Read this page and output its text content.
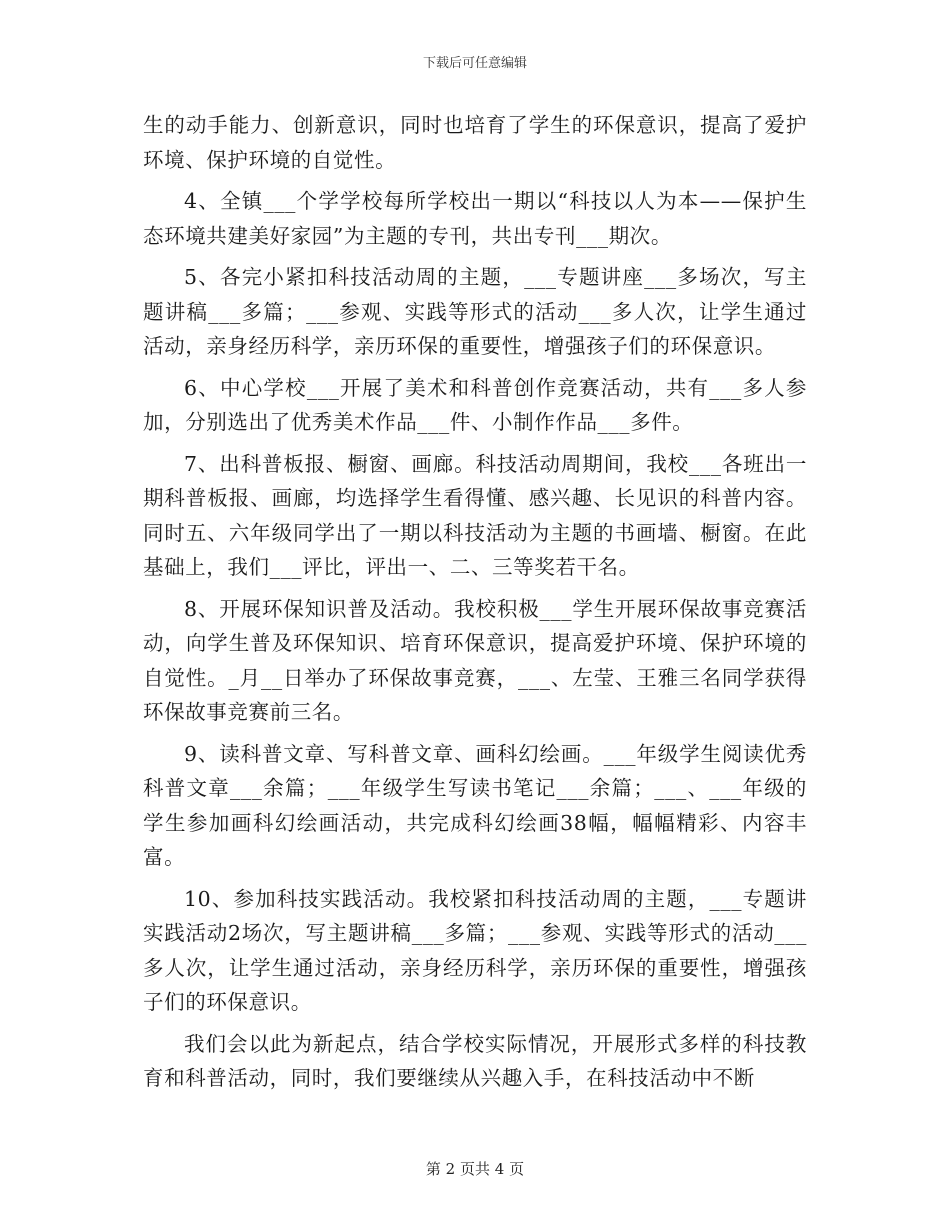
下载后可任意编辑

生的动手能力、创新意识，同时也培育了学生的环保意识，提高了爱护环境、保护环境的自觉性。

4、全镇___个学学校每所学校出一期以“科技以人为本——保护生态环境共建美好家园”为主题的专刊，共出专刊___期次。

5、各完小紧扣科技活动周的主题，___专题讲座___多场次，写主题讲稿___多篇；___参观、实践等形式的活动___多人次，让学生通过活动，亲身经历科学，亲历环保的重要性，增强孩子们的环保意识。

6、中心学校___开展了美术和科普创作竞赛活动，共有___多人参加，分别选出了优秀美术作品___件、小制作作品___多件。

7、出科普板报、橱窗、画廊。科技活动周期间，我校___各班出一期科普板报、画廊，均选择学生看得懂、感兴趣、长见识的科普内容。同时五、六年级同学出了一期以科技活动为主题的书画墙、橱窗。在此基础上，我们___评比，评出一、二、三等奖若干名。

8、开展环保知识普及活动。我校积极___学生开展环保故事竞赛活动，向学生普及环保知识、培育环保意识，提高爱护环境、保护环境的自觉性。_月__日举办了环保故事竞赛，___、左莹、王雅三名同学获得环保故事竞赛前三名。

9、读科普文章、写科普文章、画科幻绘画。___年级学生阅读优秀科普文章___余篇；___年级学生写读书笔记___余篇；___、___年级的学生参加画科幻绘画活动，共完成科幻绘画38幅，幅幅精彩、内容丰富。

10、参加科技实践活动。我校紧扣科技活动周的主题，___专题讲实践活动2场次，写主题讲稿___多篇；___参观、实践等形式的活动___多人次，让学生通过活动，亲身经历科学，亲历环保的重要性，增强孩子们的环保意识。

我们会以此为新起点，结合学校实际情况，开展形式多样的科技教育和科普活动，同时，我们要继续从兴趣入手，在科技活动中不断

第 2 页共 4 页
